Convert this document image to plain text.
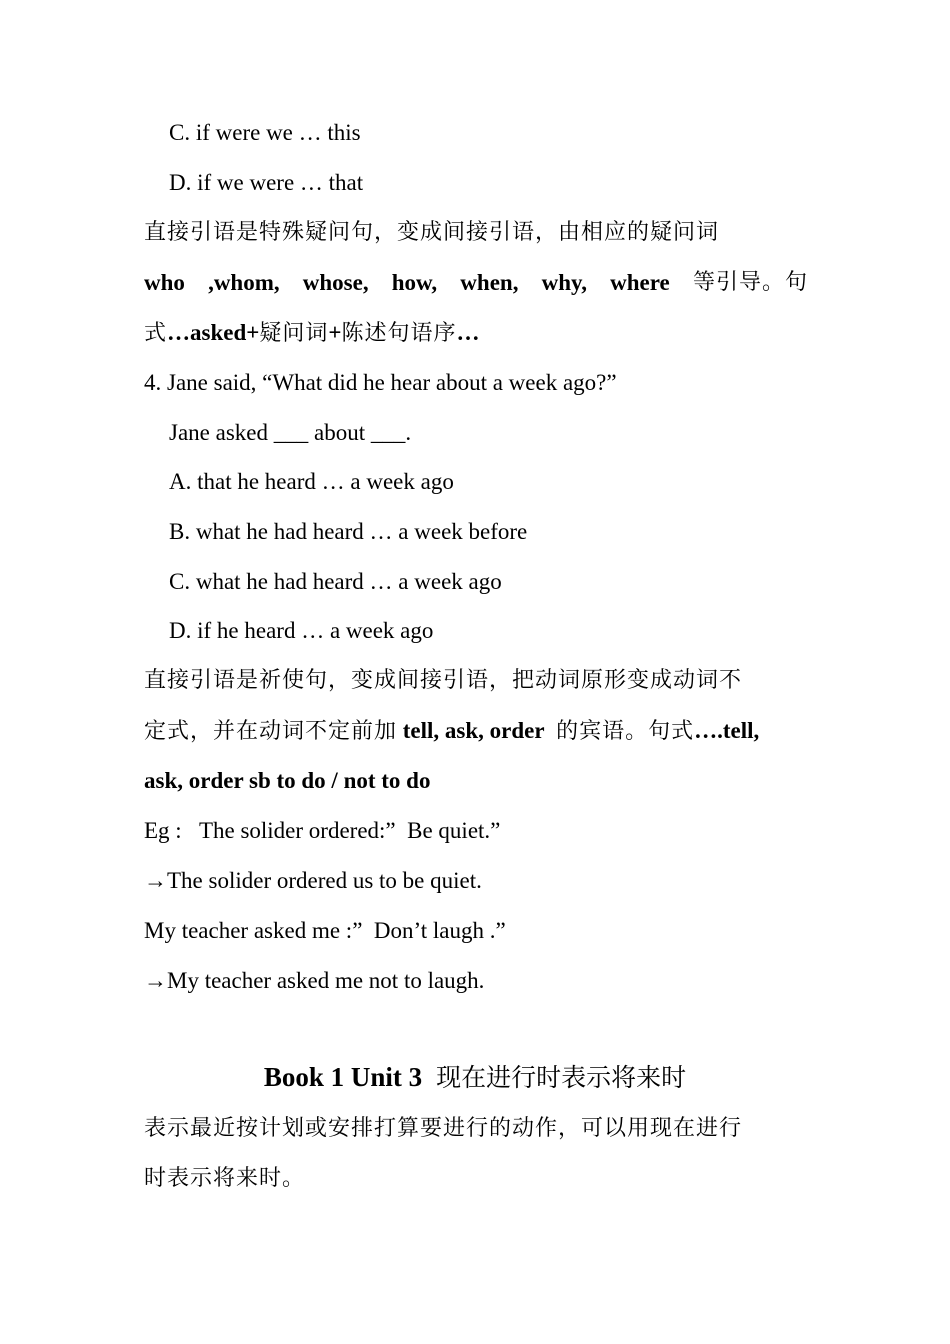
C. if were we … this
D. if we were … that
直接引语是特殊疑问句，变成间接引语，由相应的疑问词
who ,whom, whose, how, when, why, where 等引导。句
式…asked+疑问词+陈述句语序…
4. Jane said, “What did he hear about a week ago?”
Jane asked ___ about ___.
A. that he heard … a week ago
B. what he had heard … a week before
C. what he had heard … a week ago
D. if he heard … a week ago
直接引语是祈使句，变成间接引语，把动词原形变成动词不
定式，并在动词不定前加 tell, ask, order 的宾语。句式….tell,
ask, order sb to do / not to do
Eg :   The solider ordered:”  Be quiet.”
→The solider ordered us to be quiet.
My teacher asked me :”  Don’t laugh .”
→My teacher asked me not to laugh.
Book 1 Unit 3 现在进行时表示将来时
表示最近按计划或安排打算要进行的动作，可以用现在进行
时表示将来时。
